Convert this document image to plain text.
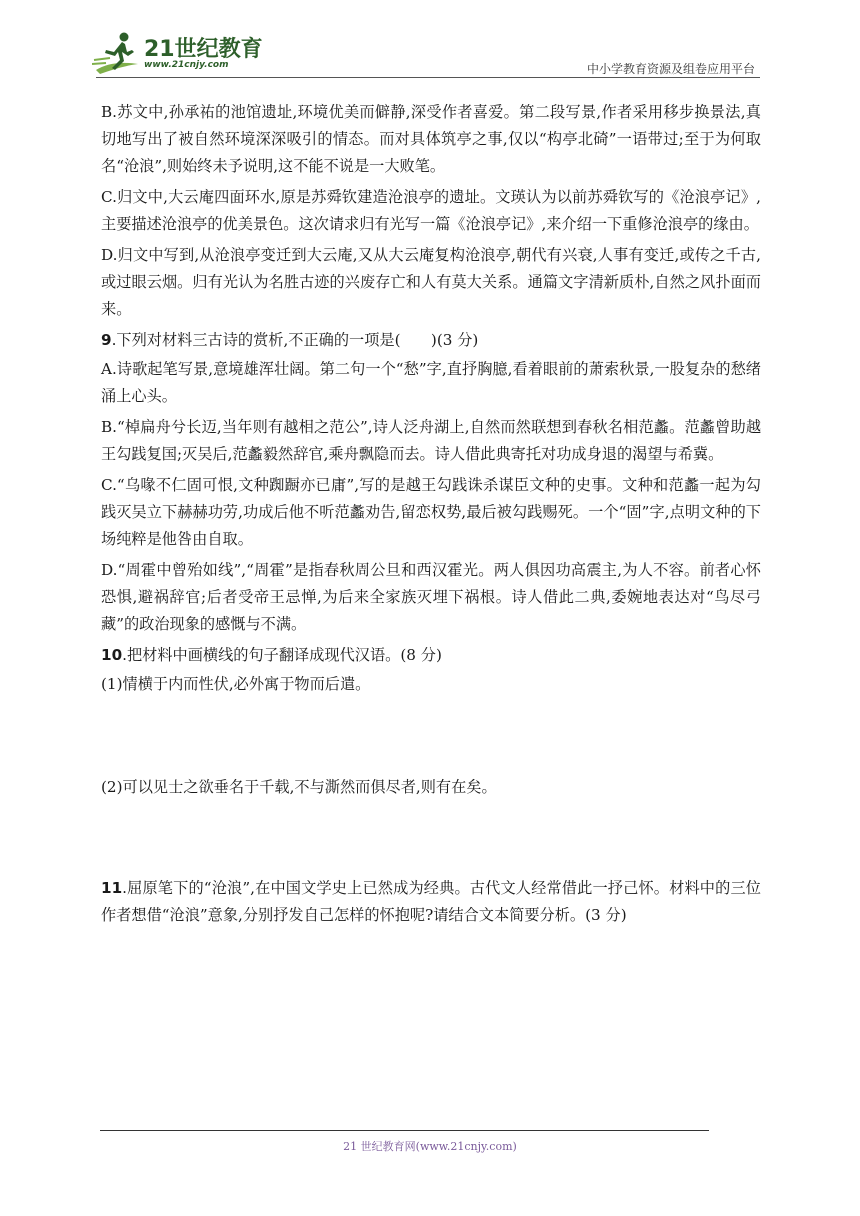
21世纪教育
www.21cnjy.com	中小学教育资源及组卷应用平台

B.苏文中,孙承祐的池馆遗址,环境优美而僻静,深受作者喜爱。第二段写景,作者采用移步换景法,真切地写出了被自然环境深深吸引的情态。而对具体筑亭之事,仅以“构亭北碕”一语带过;至于为何取名“沧浪”,则始终未予说明,这不能不说是一大败笔。

C.归文中,大云庵四面环水,原是苏舜钦建造沧浪亭的遗址。文瑛认为以前苏舜钦写的《沧浪亭记》,主要描述沧浪亭的优美景色。这次请求归有光写一篇《沧浪亭记》,来介绍一下重修沧浪亭的缘由。

D.归文中写到,从沧浪亭变迁到大云庵,又从大云庵复构沧浪亭,朝代有兴衰,人事有变迁,或传之千古,或过眼云烟。归有光认为名胜古迹的兴废存亡和人有莫大关系。通篇文字清新质朴,自然之风扑面而来。

9.下列对材料三古诗的赏析,不正确的一项是(　　)(3 分)

A.诗歌起笔写景,意境雄浑壮阔。第二句一个“愁”字,直抒胸臆,看着眼前的萧索秋景,一股复杂的愁绪涌上心头。

B.“棹扁舟兮长迈,当年则有越相之范公”,诗人泛舟湖上,自然而然联想到春秋名相范蠡。范蠡曾助越王勾践复国;灭吴后,范蠡毅然辞官,乘舟飘隐而去。诗人借此典寄托对功成身退的渴望与希冀。

C.“乌喙不仁固可恨,文种踟蹰亦已庸”,写的是越王勾践诛杀谋臣文种的史事。文种和范蠡一起为勾践灭吴立下赫赫功劳,功成后他不听范蠡劝告,留恋权势,最后被勾践赐死。一个“固”字,点明文种的下场纯粹是他咎由自取。

D.“周霍中曾殆如线”,“周霍”是指春秋周公旦和西汉霍光。两人俱因功高震主,为人不容。前者心怀恐惧,避祸辞官;后者受帝王忌惮,为后来全家族灭埋下祸根。诗人借此二典,委婉地表达对“鸟尽弓藏”的政治现象的感慨与不满。

10.把材料中画横线的句子翻译成现代汉语。(8 分)

(1)情横于内而性伏,必外寓于物而后遣。

(2)可以见士之欲垂名于千载,不与澌然而俱尽者,则有在矣。

11.屈原笔下的“沧浪”,在中国文学史上已然成为经典。古代文人经常借此一抒己怀。材料中的三位作者想借“沧浪”意象,分别抒发自己怎样的怀抱呢?请结合文本简要分析。(3 分)

21 世纪教育网(www.21cnjy.com)
